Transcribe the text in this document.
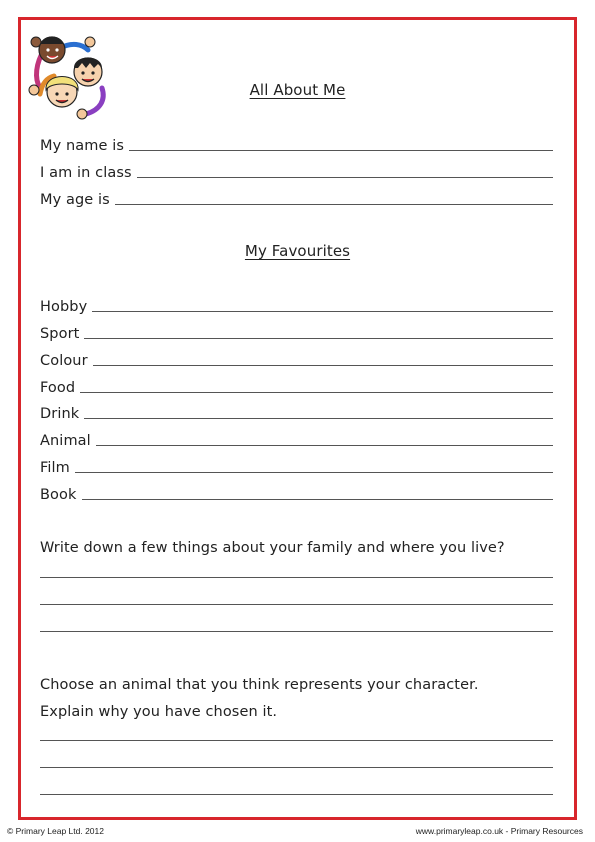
All About Me
My name is
I am in class
My age is
My Favourites
Hobby
Sport
Colour
Food
Drink
Animal
Film
Book
Write down a few things about your family and where you live?
Choose an animal that you think represents your character.
Explain why you have chosen it.
© Primary Leap Ltd. 2012	www.primaryleap.co.uk - Primary Resources
